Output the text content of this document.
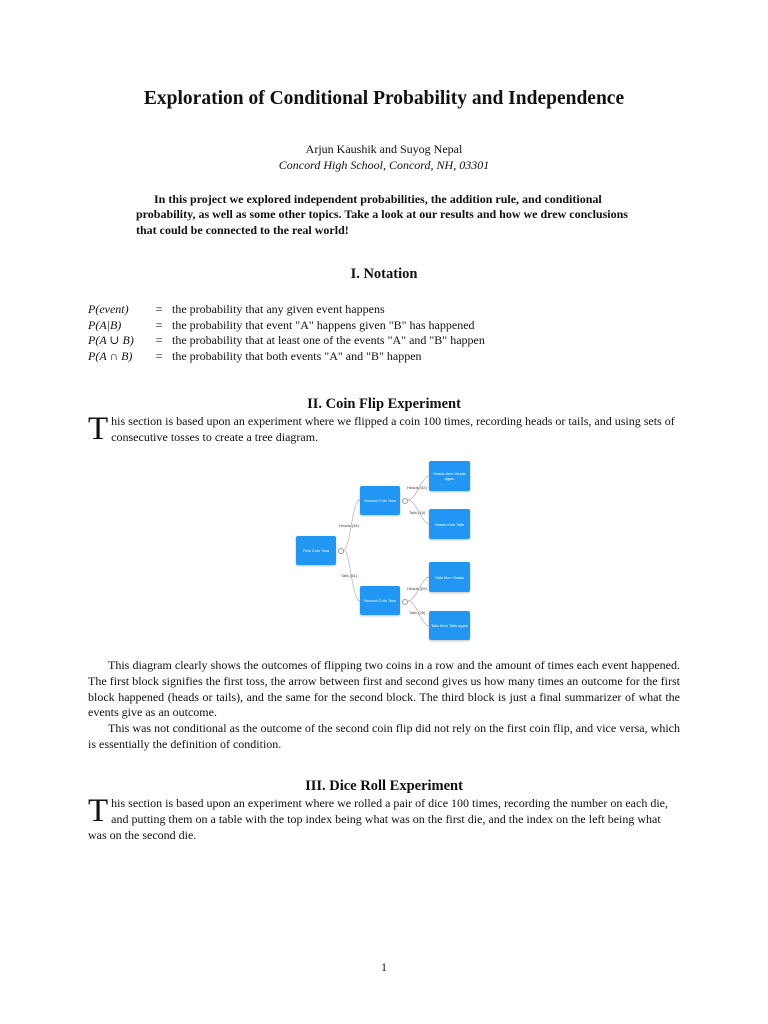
Exploration of Conditional Probability and Independence
Arjun Kaushik and Suyog Nepal
Concord High School, Concord, NH, 03301

In this project we explored independent probabilities, the addition rule, and conditional probability, as well as some other topics. Take a look at our results and how we drew conclusions that could be connected to the real world!

I. Notation
P(event)	= the probability that any given event happens
P(A|B)	= the probability that event "A" happens given "B" has happened
P(A ∪ B)	= the probability that at least one of the events "A" and "B" happen
P(A ∩ B)	= the probability that both events "A" and "B" happen
II. Coin Flip Experiment

This section is based upon an experiment where we flipped a coin 100 times, recording heads or tails, and using sets of consecutive tosses to create a tree diagram.

First Coin Toss
Second Coin Toss
Second Coin Toss
Heads then Heads again
Heads then Tails
Tails then Heads
Tails then Tails again
Heads (48)
Tails (51)
Heads (32)
Tails (16)
Heads (29)
Tails (28)
This diagram clearly shows the outcomes of flipping two coins in a row and the amount of times each event happened. The first block signifies the first toss, the arrow between first and second gives us how many times an outcome for the first block happened (heads or tails), and the same for the second block. The third block is just a final summarizer of what the events give as an outcome.
This was not conditional as the outcome of the second coin flip did not rely on the first coin flip, and vice versa, which is essentially the definition of condition.
III. Dice Roll Experiment

This section is based upon an experiment where we rolled a pair of dice 100 times, recording the number on each die, and putting them on a table with the top index being what was on the first die, and the index on the left being what was on the second die.

1
